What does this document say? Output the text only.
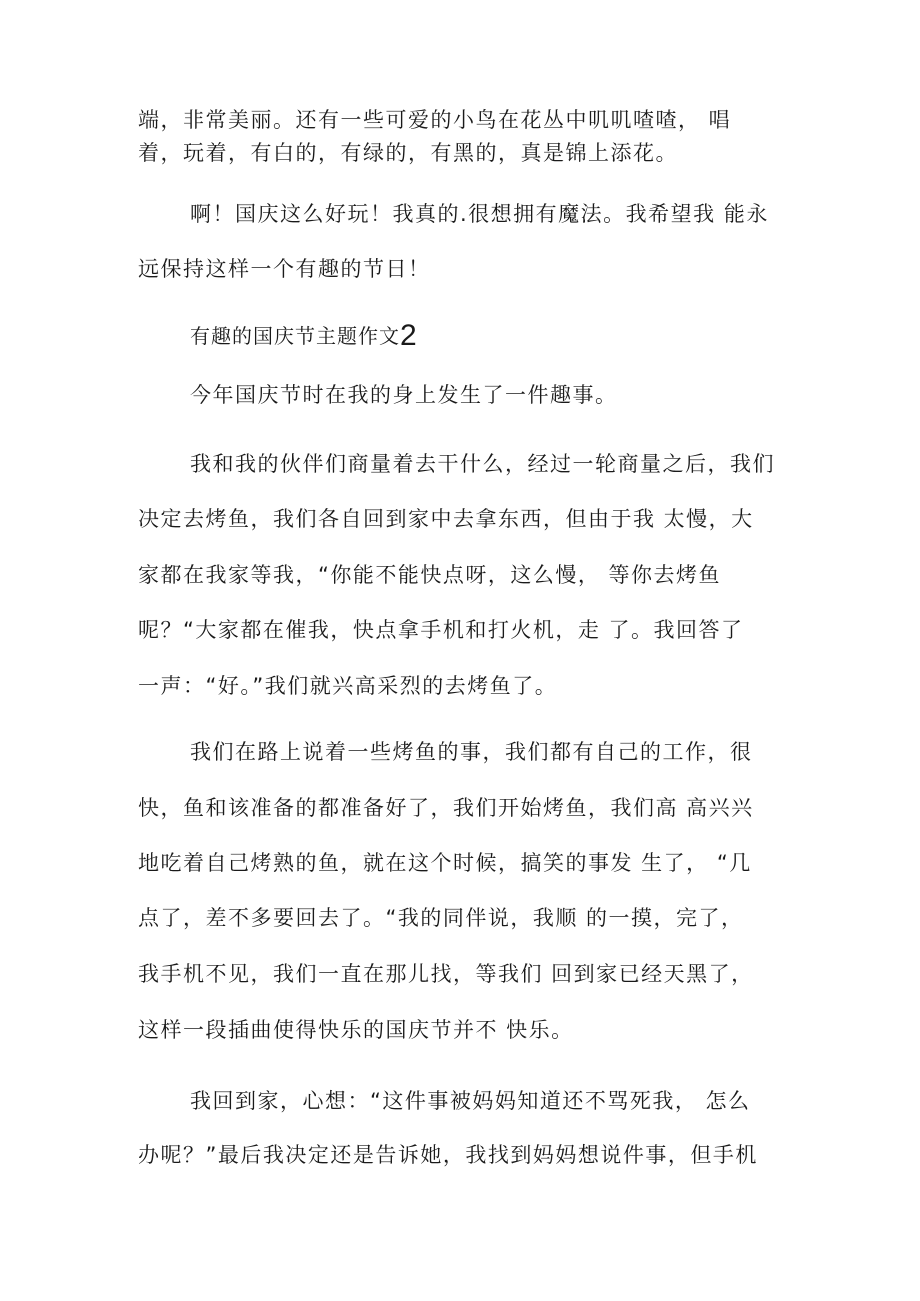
端，非常美丽。还有一些可爱的小鸟在花丛中叽叽喳喳， 唱
着，玩着，有白的，有绿的，有黑的，真是锦上添花。
啊！国庆这么好玩！我真的.很想拥有魔法。我希望我 能永
远保持这样一个有趣的节日！
有趣的国庆节主题作文2
今年国庆节时在我的身上发生了一件趣事。
我和我的伙伴们商量着去干什么，经过一轮商量之后，我们
决定去烤鱼，我们各自回到家中去拿东西，但由于我 太慢，大
家都在我家等我，“你能不能快点呀，这么慢， 等你去烤鱼
呢？“大家都在催我，快点拿手机和打火机，走 了。我回答了
一声：“好。”我们就兴高采烈的去烤鱼了。
我们在路上说着一些烤鱼的事，我们都有自己的工作，很
快，鱼和该准备的都准备好了，我们开始烤鱼，我们高 高兴兴
地吃着自己烤熟的鱼，就在这个时候，搞笑的事发 生了， “几
点了，差不多要回去了。“我的同伴说，我顺 的一摸，完了，
我手机不见，我们一直在那儿找，等我们 回到家已经天黑了，
这样一段插曲使得快乐的国庆节并不 快乐。
我回到家，心想：“这件事被妈妈知道还不骂死我， 怎么
办呢？”最后我决定还是告诉她，我找到妈妈想说件事，但手机
